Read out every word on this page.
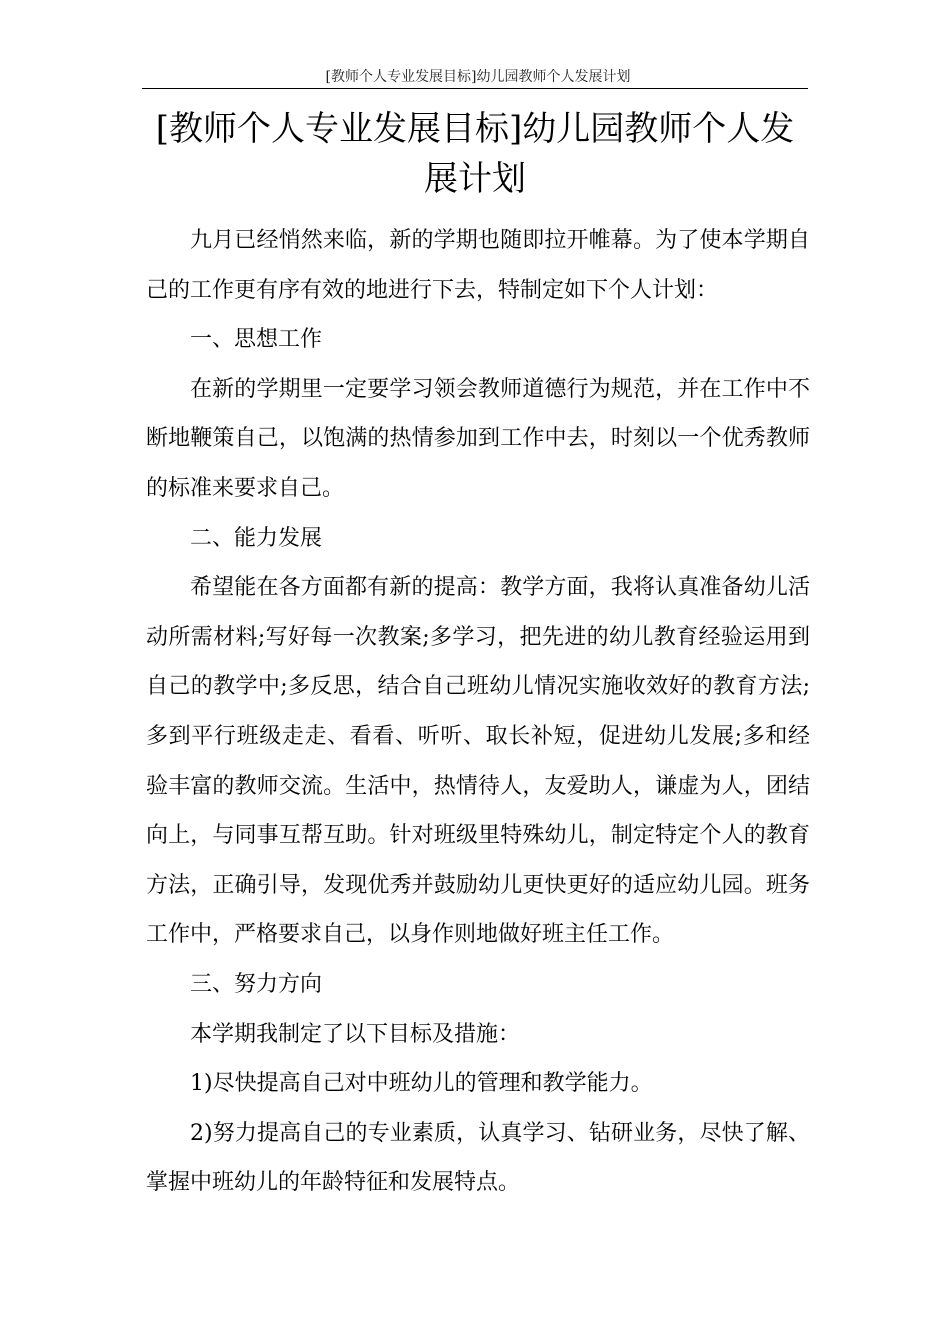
[教师个人专业发展目标]幼儿园教师个人发展计划
[教师个人专业发展目标]幼儿园教师个人发
展计划

九月已经悄然来临，新的学期也随即拉开帷幕。为了使本学期自己的工作更有序有效的地进行下去，特制定如下个人计划：

一、思想工作

在新的学期里一定要学习领会教师道德行为规范，并在工作中不断地鞭策自己，以饱满的热情参加到工作中去，时刻以一个优秀教师的标准来要求自己。

二、能力发展

希望能在各方面都有新的提高：教学方面，我将认真准备幼儿活动所需材料;写好每一次教案;多学习，把先进的幼儿教育经验运用到自己的教学中;多反思，结合自己班幼儿情况实施收效好的教育方法;多到平行班级走走、看看、听听、取长补短，促进幼儿发展;多和经验丰富的教师交流。生活中，热情待人，友爱助人，谦虚为人，团结向上，与同事互帮互助。针对班级里特殊幼儿，制定特定个人的教育方法，正确引导，发现优秀并鼓励幼儿更快更好的适应幼儿园。班务工作中，严格要求自己，以身作则地做好班主任工作。

三、努力方向

本学期我制定了以下目标及措施：

1)尽快提高自己对中班幼儿的管理和教学能力。

2)努力提高自己的专业素质，认真学习、钻研业务，尽快了解、掌握中班幼儿的年龄特征和发展特点。
